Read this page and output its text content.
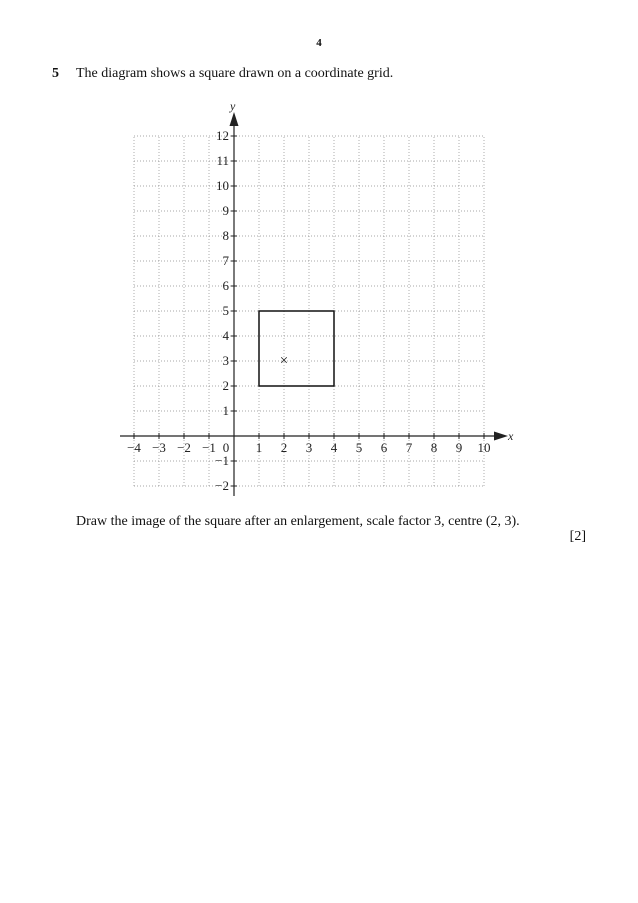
4
5 The diagram shows a square drawn on a coordinate grid.
−4 −3 −2 −1 0 1 2 3 4 5 6 7 8 9 10
−2
−1
1
2
3
4
5
6
7
8
9
10
11
12
x
y
×
Draw the image of the square after an enlargement, scale factor 3, centre (2, 3).
[2]
